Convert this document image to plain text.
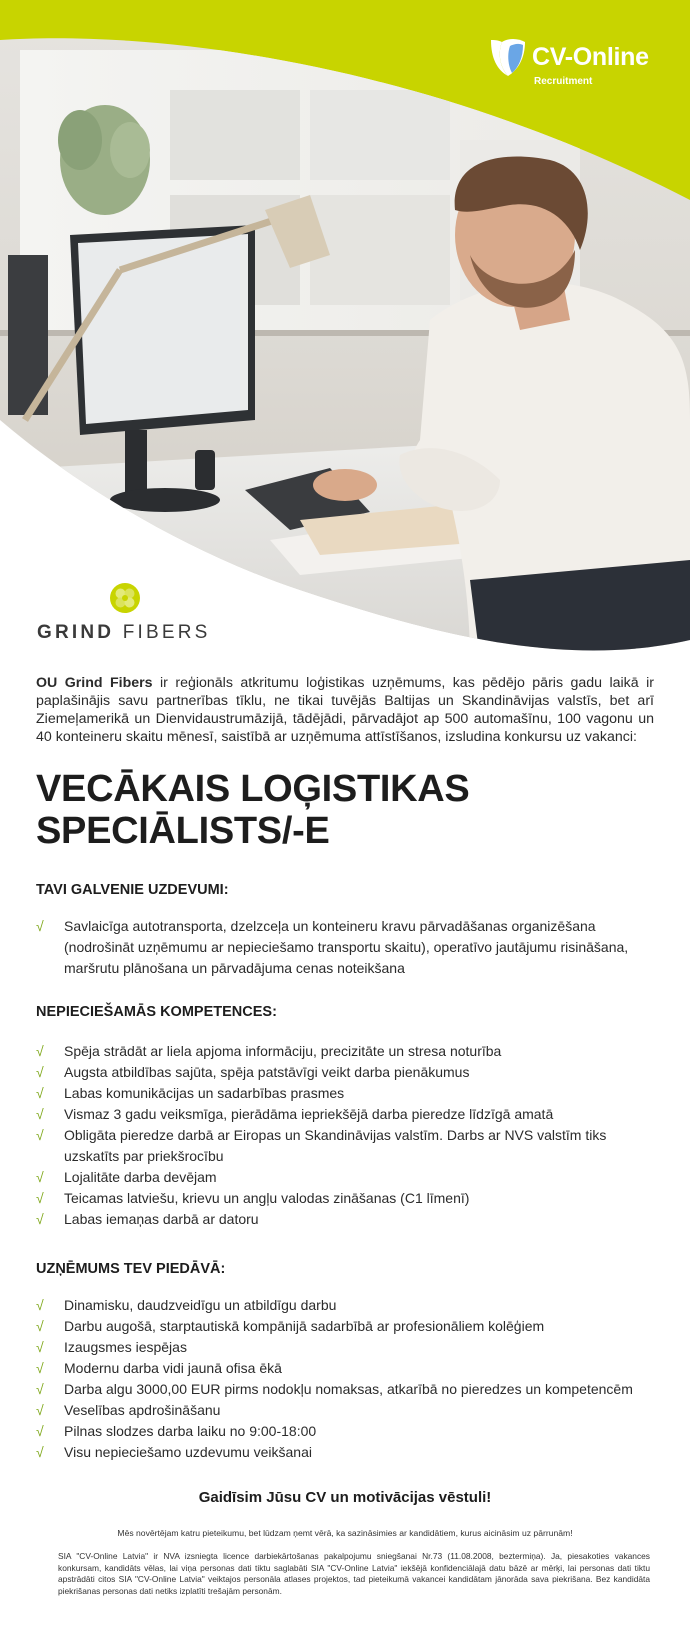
CV-Online
Recruitment
GRIND FIBERS

OU Grind Fibers ir reģionāls atkritumu loģistikas uzņēmums, kas pēdējo pāris gadu laikā ir paplašinājis savu partnerības tīklu, ne tikai tuvējās Baltijas un Skandināvijas valstīs, bet arī Ziemeļamerikā un Dienvidaustrumāzijā, tādējādi, pārvadājot ap 500 automašīnu, 100 vagonu un 40 konteineru skaitu mēnesī, saistībā ar uzņēmuma attīstīšanos, izsludina konkursu uz vakanci:

VECĀKAIS LOĢISTIKAS
SPECIĀLISTS/-E
TAVI GALVENIE UZDEVUMI:
√	Savlaicīga autotransporta, dzelzceļa un konteineru kravu pārvadāšanas organizēšana (nodrošināt uzņēmumu ar nepieciešamo transportu skaitu), operatīvo jautājumu risināšana, maršrutu plānošana un pārvadājuma cenas noteikšana
NEPIECIEŠAMĀS KOMPETENCES:
√	Spēja strādāt ar liela apjoma informāciju, precizitāte un stresa noturība
√	Augsta atbildības sajūta, spēja patstāvīgi veikt darba pienākumus
√	Labas komunikācijas un sadarbības prasmes
√	Vismaz 3 gadu veiksmīga, pierādāma iepriekšējā darba pieredze līdzīgā amatā
√	Obligāta pieredze darbā ar Eiropas un Skandināvijas valstīm. Darbs ar NVS valstīm tiks uzskatīts par priekšrocību
√	Lojalitāte darba devējam
√	Teicamas latviešu, krievu un angļu valodas zināšanas (C1 līmenī)
√	Labas iemaņas darbā ar datoru
UZŅĒMUMS TEV PIEDĀVĀ:
√	Dinamisku, daudzveidīgu un atbildīgu darbu
√	Darbu augošā, starptautiskā kompānijā sadarbībā ar profesionāliem kolēģiem
√	Izaugsmes iespējas
√	Modernu darba vidi jaunā ofisa ēkā
√	Darba algu 3000,00 EUR pirms nodokļu nomaksas, atkarībā no pieredzes un kompetencēm
√	Veselības apdrošināšanu
√	Pilnas slodzes darba laiku no 9:00-18:00
√	Visu nepieciešamo uzdevumu veikšanai
Gaidīsim Jūsu CV un motivācijas vēstuli!
Mēs novērtējam katru pieteikumu, bet lūdzam ņemt vērā, ka sazināsimies ar kandidātiem, kurus aicināsim uz pārrunām!

SIA "CV-Online Latvia" ir NVA izsniegta licence darbiekārtošanas pakalpojumu sniegšanai Nr.73 (11.08.2008, beztermiņa). Ja, piesakoties vakances konkursam, kandidāts vēlas, lai viņa personas dati tiktu saglabāti SIA "CV-Online Latvia" iekšējā konfidenciālajā datu bāzē ar mērķi, lai personas dati tiktu apstrādāti citos SIA "CV-Online Latvia" veiktajos personāla atlases projektos, tad pieteikumā vakancei kandidātam jānorāda sava piekrišana. Bez kandidāta piekrišanas personas dati netiks izplatīti trešajām personām.
